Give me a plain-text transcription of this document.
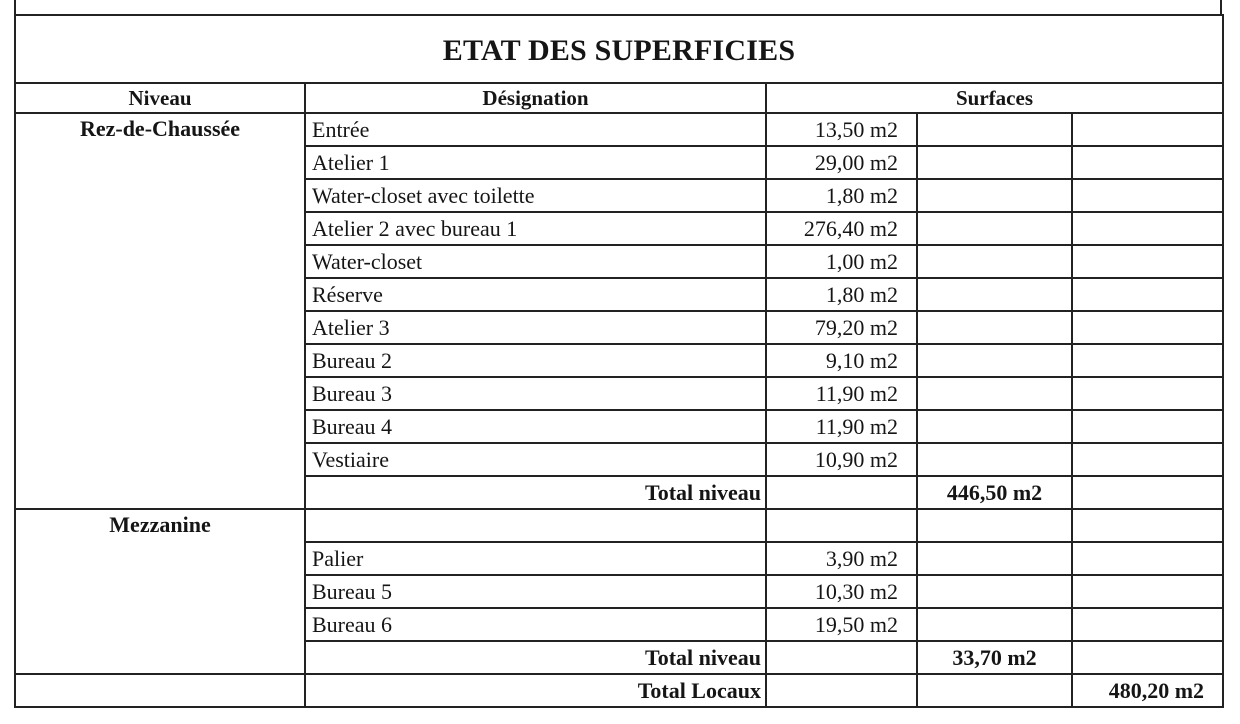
ETAT DES SUPERFICIES
Niveau	Désignation	Surfaces		
Rez-de-Chaussée	Entrée	13,50 m2		
	Atelier 1	29,00 m2		
	Water-closet avec toilette	1,80 m2		
	Atelier 2 avec bureau 1	276,40 m2		
	Water-closet	1,00 m2		
	Réserve	1,80 m2		
	Atelier 3	79,20 m2		
	Bureau 2	9,10 m2		
	Bureau 3	11,90 m2		
	Bureau 4	11,90 m2		
	Vestiaire	10,90 m2		
	Total niveau		446,50 m2	
Mezzanine				
	Palier	3,90 m2		
	Bureau 5	10,30 m2		
	Bureau 6	19,50 m2		
	Total niveau		33,70 m2	
	Total Locaux			480,20 m2
